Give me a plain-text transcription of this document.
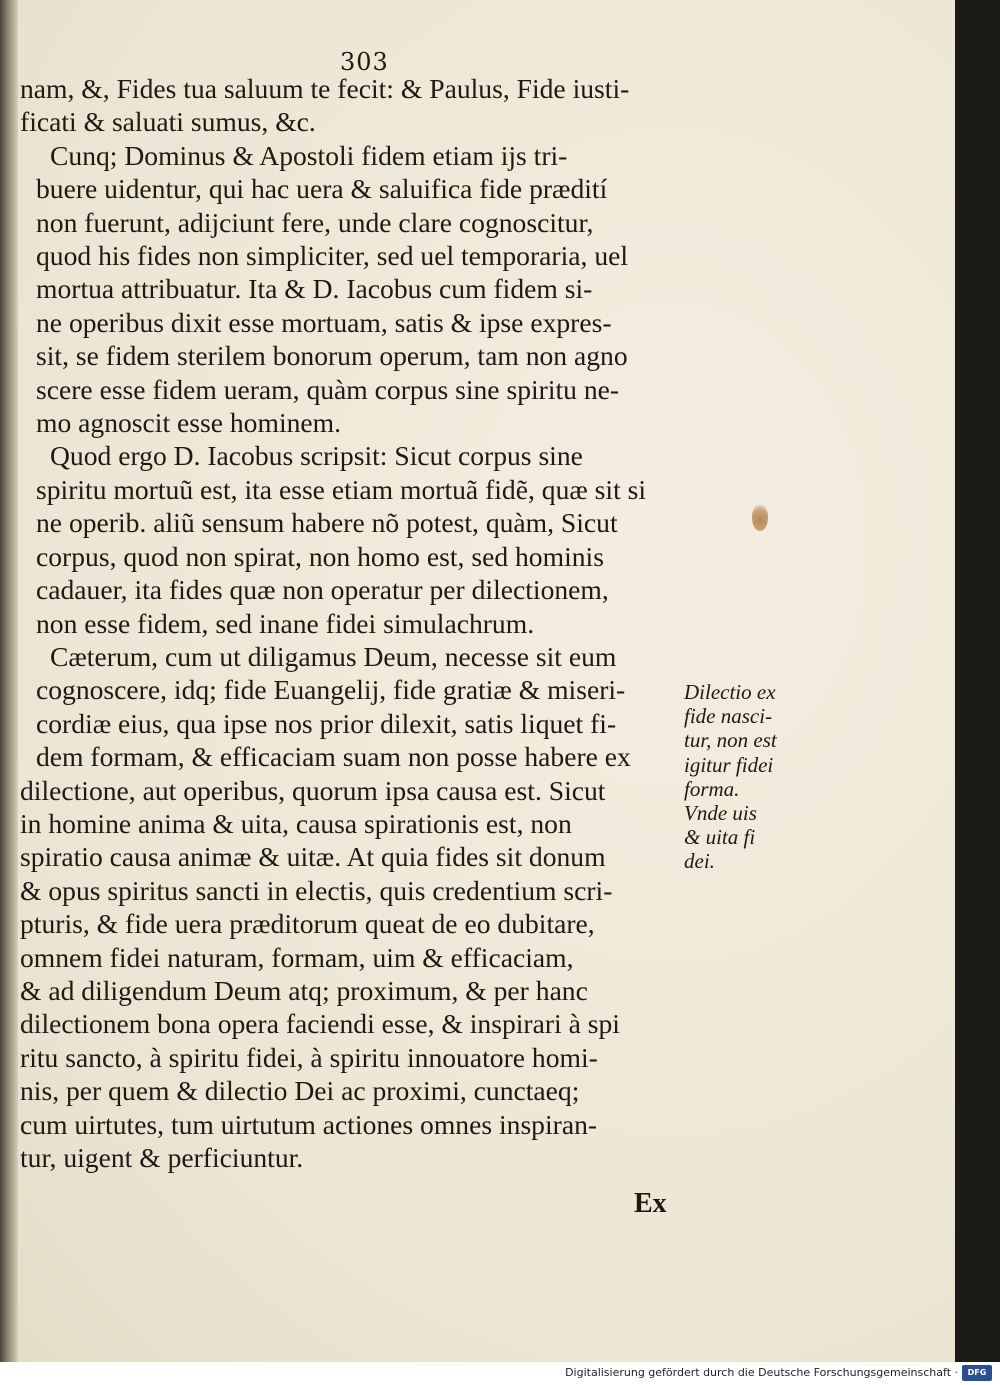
303
nam, &, Fides tua saluum te fecit: & Paulus, Fide iusti-
ficati & saluati sumus, &c.
Cunq; Dominus & Apostoli fidem etiam ijs tri-
buere uidentur, qui hac uera & saluifica fide prædití
non fuerunt, adijciunt fere, unde clare cognoscitur,
quod his fides non simpliciter, sed uel temporaria, uel
mortua attribuatur. Ita & D. Iacobus cum fidem si-
ne operibus dixit esse mortuam, satis & ipse expres-
sit, se fidem sterilem bonorum operum, tam non agno
scere esse fidem ueram, quàm corpus sine spiritu ne-
mo agnoscit esse hominem.
Quod ergo D. Iacobus scripsit: Sicut corpus sine
spiritu mortuũ est, ita esse etiam mortuã fidẽ, quæ sit si
ne operib. aliũ sensum habere nõ potest, quàm, Sicut
corpus, quod non spirat, non homo est, sed hominis
cadauer, ita fides quæ non operatur per dilectionem,
non esse fidem, sed inane fidei simulachrum.
Cæterum, cum ut diligamus Deum, necesse sit eum
cognoscere, idq; fide Euangelij, fide gratiæ & miseri-
cordiæ eius, qua ipse nos prior dilexit, satis liquet fi-
dem formam, & efficaciam suam non posse habere ex
dilectione, aut operibus, quorum ipsa causa est. Sicut
in homine anima & uita, causa spirationis est, non
spiratio causa animæ & uitæ. At quia fides sit donum
& opus spiritus sancti in electis, quis credentium scri-
pturis, & fide uera præditorum queat de eo dubitare,
omnem fidei naturam, formam, uim & efficaciam,
& ad diligendum Deum atq; proximum, & per hanc
dilectionem bona opera faciendi esse, & inspirari à spi
ritu sancto, à spiritu fidei, à spiritu innouatore homi-
nis, per quem & dilectio Dei ac proximi, cunctaeq;
cum uirtutes, tum uirtutum actiones omnes inspiran-
tur, uigent & perficiuntur.
Dilectio ex
fide nasci-
tur, non est
igitur fidei
forma.
Vnde uis
& uita fi
dei.
Ex
Digitalisierung gefördert durch die Deutsche Forschungsgemeinschaft ·	DFG
